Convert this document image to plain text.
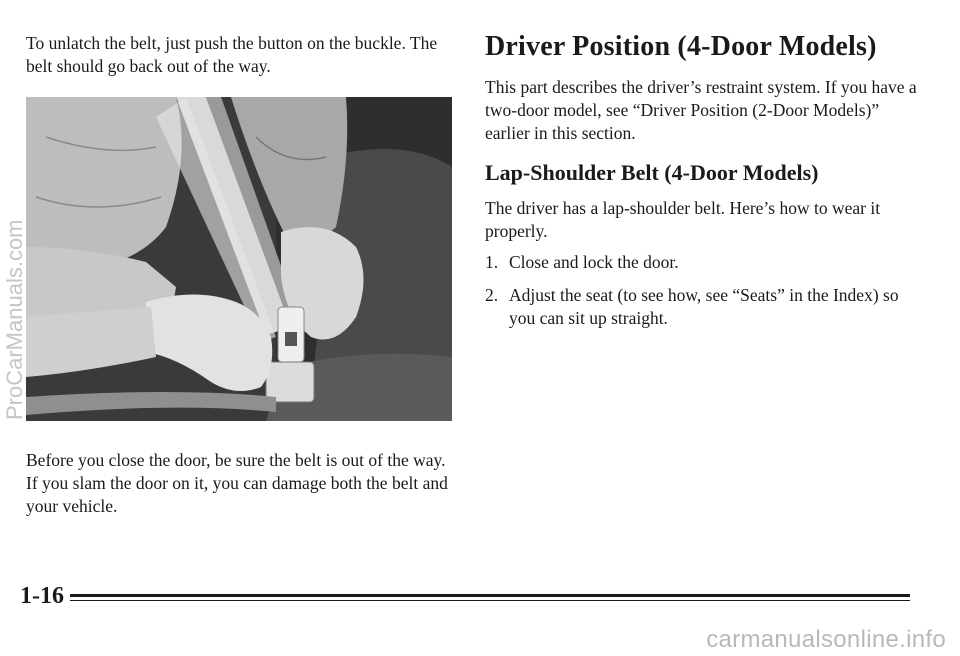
To unlatch the belt, just push the button on the buckle. The belt should go back out of the way.

Before you close the door, be sure the belt is out of the way. If you slam the door on it, you can damage both the belt and your vehicle.

Driver Position (4-Door Models)

This part describes the driver’s restraint system. If you have a two-door model, see “Driver Position (2-Door Models)” earlier in this section.

Lap-Shoulder Belt (4-Door Models)

The driver has a lap-shoulder belt. Here’s how to wear it properly.

1. Close and lock the door.
2. Adjust the seat (to see how, see “Seats” in the Index) so you can sit up straight.
ProCarManuals.com
1-16
carmanualsonline.info
